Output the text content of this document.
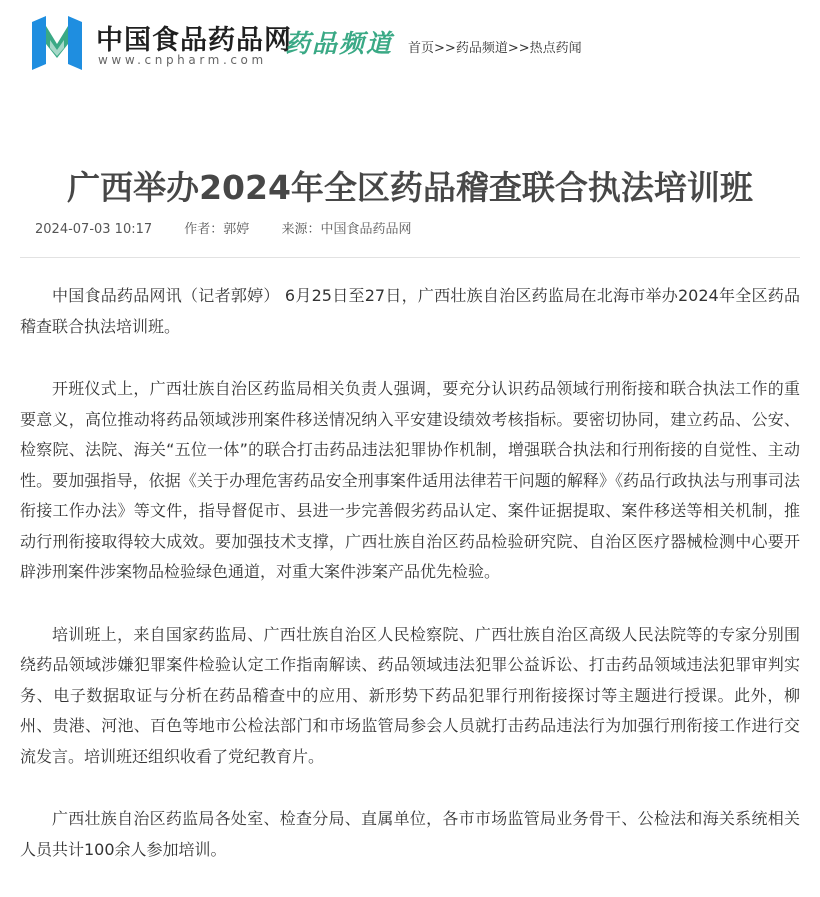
中国食品药品网
www.cnpharm.com
药品频道 首页>>药品频道>>热点药闻
广西举办2024年全区药品稽查联合执法培训班
2024-07-03 10:17 作者：郭婷 来源：中国食品药品网

中国食品药品网讯（记者郭婷） 6月25日至27日，广西壮族自治区药监局在北海市举办2024年全区药品稽查联合执法培训班。

开班仪式上，广西壮族自治区药监局相关负责人强调，要充分认识药品领域行刑衔接和联合执法工作的重要意义，高位推动将药品领域涉刑案件移送情况纳入平安建设绩效考核指标。要密切协同，建立药品、公安、检察院、法院、海关“五位一体”的联合打击药品违法犯罪协作机制，增强联合执法和行刑衔接的自觉性、主动性。要加强指导，依据《关于办理危害药品安全刑事案件适用法律若干问题的解释》《药品行政执法与刑事司法衔接工作办法》等文件，指导督促市、县进一步完善假劣药品认定、案件证据提取、案件移送等相关机制，推动行刑衔接取得较大成效。要加强技术支撑，广西壮族自治区药品检验研究院、自治区医疗器械检测中心要开辟涉刑案件涉案物品检验绿色通道，对重大案件涉案产品优先检验。

培训班上，来自国家药监局、广西壮族自治区人民检察院、广西壮族自治区高级人民法院等的专家分别围绕药品领域涉嫌犯罪案件检验认定工作指南解读、药品领域违法犯罪公益诉讼、打击药品领域违法犯罪审判实务、电子数据取证与分析在药品稽查中的应用、新形势下药品犯罪行刑衔接探讨等主题进行授课。此外，柳州、贵港、河池、百色等地市公检法部门和市场监管局参会人员就打击药品违法行为加强行刑衔接工作进行交流发言。培训班还组织收看了党纪教育片。

广西壮族自治区药监局各处室、检查分局、直属单位，各市市场监管局业务骨干、公检法和海关系统相关人员共计100余人参加培训。
